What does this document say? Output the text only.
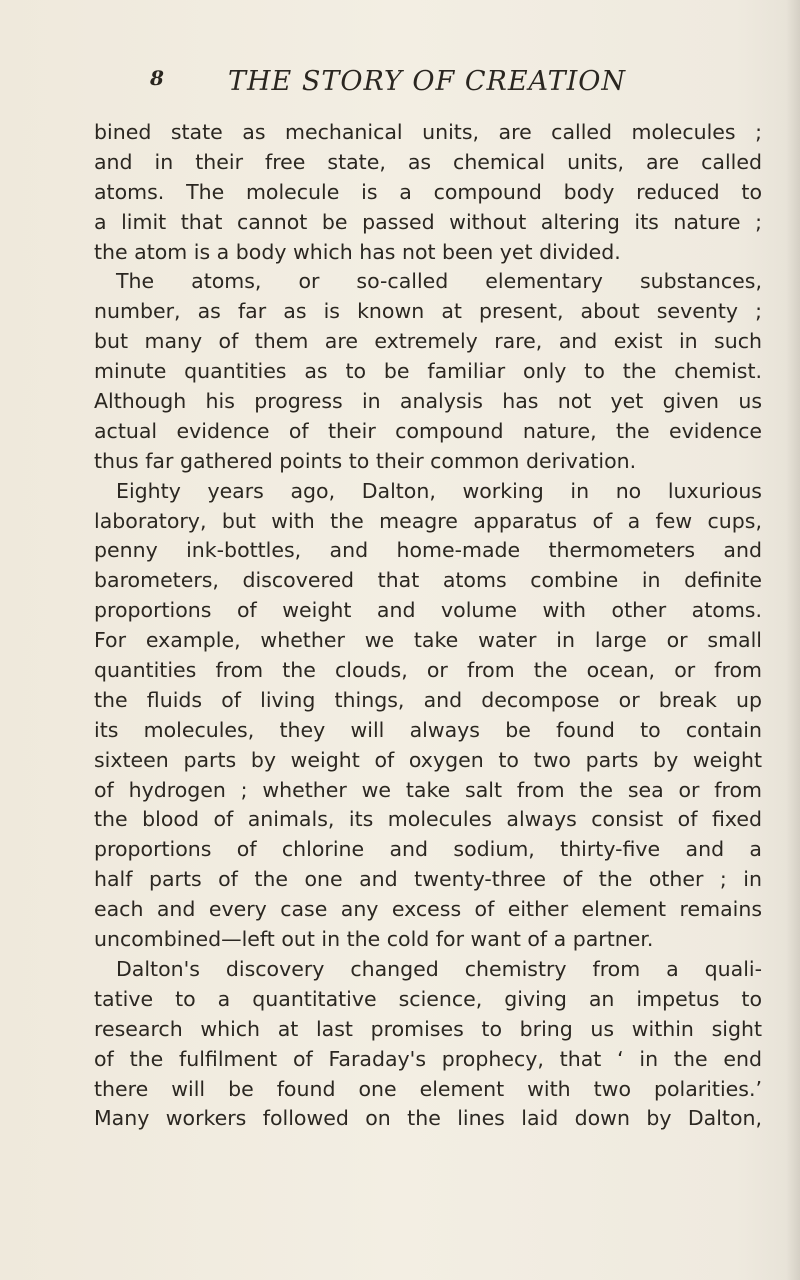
8 THE STORY OF CREATION
bined state as mechanical units, are called molecules ;
and in their free state, as chemical units, are called
atoms. The molecule is a compound body reduced to
a limit that cannot be passed without altering its nature ;
the atom is a body which has not been yet divided.
The atoms, or so-called elementary substances,
number, as far as is known at present, about seventy ;
but many of them are extremely rare, and exist in such
minute quantities as to be familiar only to the chemist.
Although his progress in analysis has not yet given us
actual evidence of their compound nature, the evidence
thus far gathered points to their common derivation.
Eighty years ago, Dalton, working in no luxurious
laboratory, but with the meagre apparatus of a few cups,
penny ink-bottles, and home-made thermometers and
barometers, discovered that atoms combine in definite
proportions of weight and volume with other atoms.
For example, whether we take water in large or small
quantities from the clouds, or from the ocean, or from
the fluids of living things, and decompose or break up
its molecules, they will always be found to contain
sixteen parts by weight of oxygen to two parts by weight
of hydrogen ; whether we take salt from the sea or from
the blood of animals, its molecules always consist of fixed
proportions of chlorine and sodium, thirty-five and a
half parts of the one and twenty-three of the other ; in
each and every case any excess of either element remains
uncombined—left out in the cold for want of a partner.
Dalton's discovery changed chemistry from a quali-
tative to a quantitative science, giving an impetus to
research which at last promises to bring us within sight
of the fulfilment of Faraday's prophecy, that ‘ in the end
there will be found one element with two polarities.’
Many workers followed on the lines laid down by Dalton,
